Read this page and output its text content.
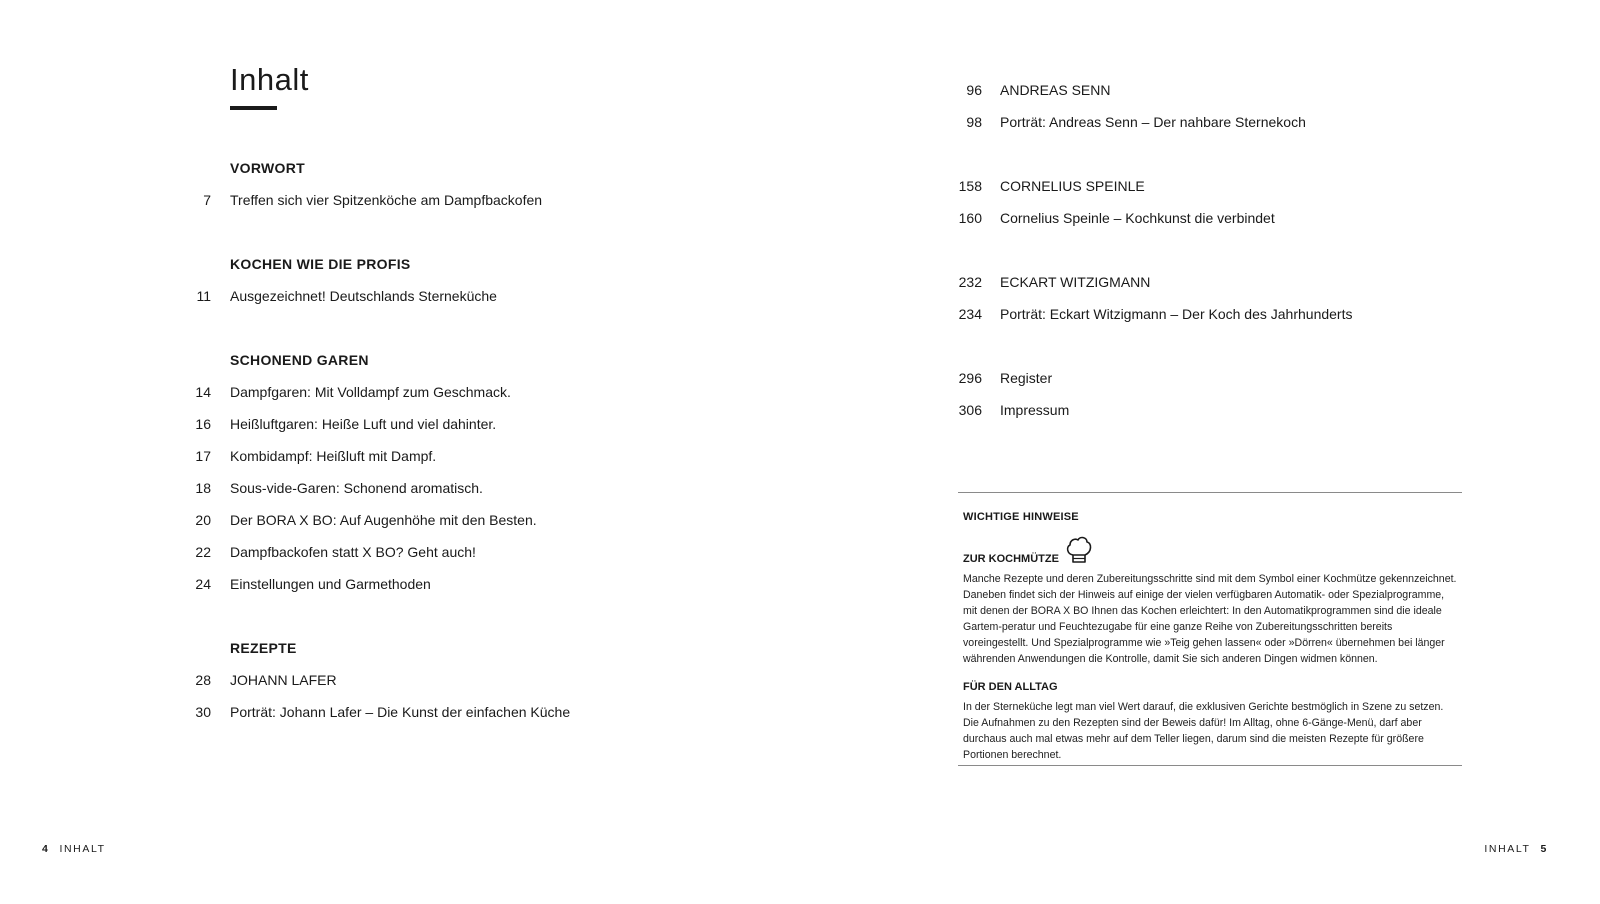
Inhalt
VORWORT
7	Treffen sich vier Spitzenköche am Dampfbackofen
KOCHEN WIE DIE PROFIS
11	Ausgezeichnet! Deutschlands Sterneküche
SCHONEND GAREN
14	Dampfgaren: Mit Volldampf zum Geschmack.
16	Heißluftgaren: Heiße Luft und viel dahinter.
17	Kombidampf: Heißluft mit Dampf.
18	Sous-vide-Garen: Schonend aromatisch.
20	Der BORA X BO: Auf Augenhöhe mit den Besten.
22	Dampfbackofen statt X BO? Geht auch!
24	Einstellungen und Garmethoden
REZEPTE
28	JOHANN LAFER
30	Porträt: Johann Lafer – Die Kunst der einfachen Küche
96	ANDREAS SENN
98	Porträt: Andreas Senn – Der nahbare Sternekoch
158	CORNELIUS SPEINLE
160	Cornelius Speinle – Kochkunst die verbindet
232	ECKART WITZIGMANN
234	Porträt: Eckart Witzigmann – Der Koch des Jahrhunderts
296	Register
306	Impressum
WICHTIGE HINWEISE
ZUR KOCHMÜTZE

Manche Rezepte und deren Zubereitungsschritte sind mit dem Symbol einer Kochmütze gekennzeichnet. Daneben findet sich der Hinweis auf einige der vielen verfügbaren Automatik- oder Spezialprogramme, mit denen der BORA X BO Ihnen das Kochen erleichtert: In den Automatikprogrammen sind die ideale Gartem-peratur und Feuchtezugabe für eine ganze Reihe von Zubereitungsschritten bereits voreingestellt. Und Spezialprogramme wie »Teig gehen lassen« oder »Dörren« übernehmen bei länger währenden Anwendungen die Kontrolle, damit Sie sich anderen Dingen widmen können.

FÜR DEN ALLTAG

In der Sterneküche legt man viel Wert darauf, die exklusiven Gerichte bestmöglich in Szene zu setzen. Die Aufnahmen zu den Rezepten sind der Beweis dafür! Im Alltag, ohne 6-Gänge-Menü, darf aber durchaus auch mal etwas mehr auf dem Teller liegen, darum sind die meisten Rezepte für größere Portionen berechnet.

4 INHALT	INHALT 5
